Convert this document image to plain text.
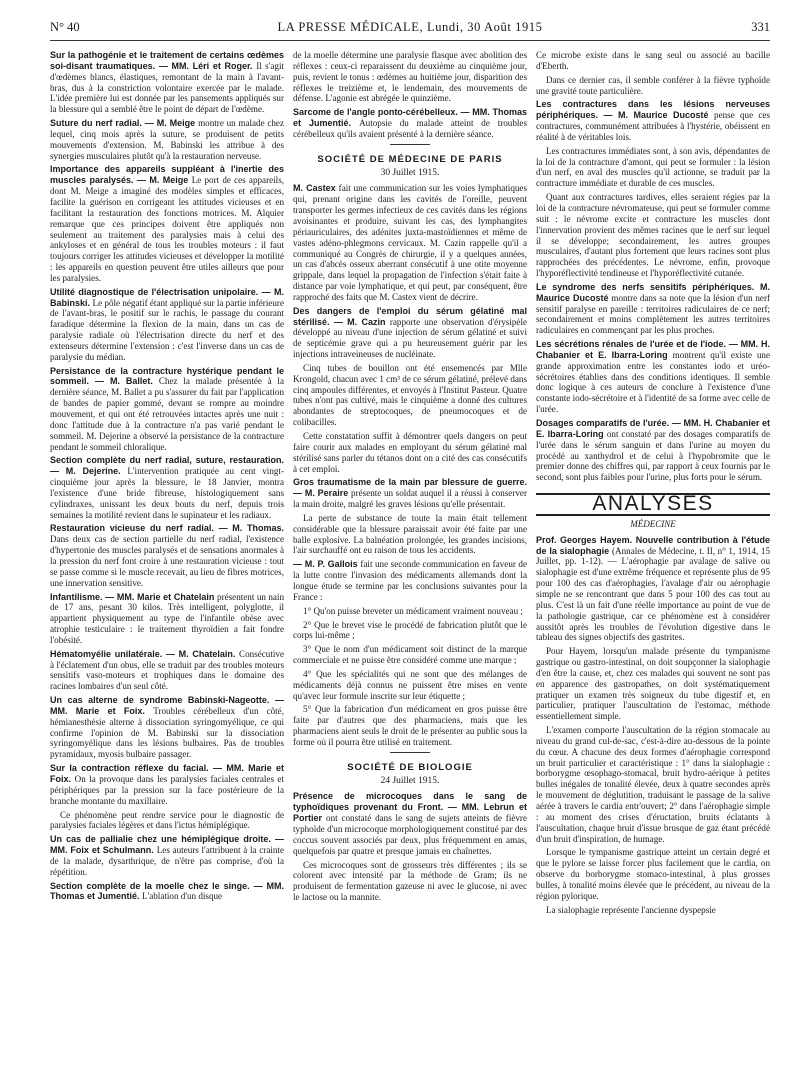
N° 40	LA PRESSE MÉDICALE, Lundi, 30 Août 1915	331

Sur la pathogénie et le traitement de certains œdèmes soi-disant traumatiques. — MM. Léri et Roger. Il s'agit d'œdèmes blancs, élastiques, remontant de la main à l'avant-bras, dus à la constriction volontaire exercée par le malade. L'idée première lui est donnée par les pansements appliqués sur la blessure qui a semblé être le point de départ de l'œdème.

Suture du nerf radial. — M. Meige montre un malade chez lequel, cinq mois après la suture, se produisent de petits mouvements d'extension. M. Babinski les attribue à des synergies musculaires plutôt qu'à la restauration nerveuse.

Importance des appareils suppléant à l'inertie des muscles paralysés. — M. Meige Le port de ces appareils, dont M. Meige a imaginé des modèles simples et efficaces, facilite la guérison en corrigeant les attitudes vicieuses et en facilitant la restauration des fonctions motrices. M. Alquier remarque que ces principes doivent être appliqués non seulement au traitement des paralysies mais à celui des ankyloses et en général de tous les troubles moteurs : il faut toujours corriger les attitudes vicieuses et développer la motilité : les appareils en question peuvent être utiles ailleurs que pour les paralysies.

Utilité diagnostique de l'électrisation unipolaire. — M. Babinski. Le pôle négatif étant appliqué sur la partie inférieure de l'avant-bras, le positif sur le rachis, le passage du courant faradique détermine la flexion de la main, dans un cas de paralysie radiale où l'électrisation directe du nerf et des extenseurs détermine l'extension : c'est l'inverse dans un cas de paralysie du médian.

Persistance de la contracture hystérique pendant le sommeil. — M. Ballet. Chez la malade présentée à la dernière séance, M. Ballet a pu s'assurer du fait par l'application de bandes de papier gommé, devant se rompre au moindre mouvement, et qui ont été retrouvées intactes après une nuit : donc l'attitude due à la contracture n'a pas varié pendant le sommeil. M. Dejerine a observé la persistance de la contracture pendant le sommeil chloralique.

Section complète du nerf radial, suture, restauration. — M. Dejerine. L'intervention pratiquée au cent vingt-cinquième jour après la blessure, le 18 Janvier, montra l'existence d'une bride fibreuse, histologiquement sans cylindraxes, unissant les deux bouts du nerf, depuis trois semaines la motilité revient dans le supinateur et les radiaux.

Restauration vicieuse du nerf radial. — M. Thomas. Dans deux cas de section partielle du nerf radial, l'existence d'hypertonie des muscles paralysés et de sensations anormales à la pression du nerf font croire à une restauration vicieuse : tout se passe comme si le muscle recevait, au lieu de fibres motrices, une innervation sensitive.

Infantilisme. — MM. Marie et Chatelain présentent un nain de 17 ans, pesant 30 kilos. Très intelligent, polyglotte, il appartient physiquement au type de l'infantile obèse avec atrophie testiculaire : le traitement thyroïdien a fait fondre l'obésité.

Hématomyélie unilatérale. — M. Chatelain. Consécutive à l'éclatement d'un obus, elle se traduit par des troubles moteurs sensitifs vaso-moteurs et trophiques dans le domaine des racines lombaires d'un seul côté.

Un cas alterne de syndrome Babinski-Nageotte. — MM. Marie et Foix. Troubles cérébelleux d'un côté, hémianesthésie alterne à dissociation syringomyélique, ce qui confirme l'opinion de M. Babinski sur la dissociation syringomyélique dans les lésions bulbaires. Pas de troubles pyramidaux, myosis bulbaire passager.

Sur la contraction réflexe du facial. — MM. Marie et Foix. On la provoque dans les paralysies faciales centrales et périphériques par la pression sur la face postérieure de la branche montante du maxillaire.

Ce phénomène peut rendre service pour le diagnostic de paralysies faciales légères et dans l'ictus hémiplégique.

Un cas de pallialie chez une hémiplégique droite. — MM. Foix et Schulmann. Les auteurs l'attribuent à la crainte de la malade, dysarthrique, de n'être pas comprise, d'où la répétition.

Section complète de la moelle chez le singe. — MM. Thomas et Jumentié. L'ablation d'un disque

de la moelle détermine une paralysie flasque avec abolition des réflexes : ceux-ci reparaissent du deuxième au cinquième jour, puis, revient le tonus : œdèmes au huitième jour, disparition des réflexes le treizième et, le lendemain, des mouvements de défense. L'agonie est abrégée le quinzième.

Sarcome de l'angle ponto-cérébelleux. — MM. Thomas et Jumentié. Autopsie du malade atteint de troubles cérébelleux qu'ils avaient présenté à la dernière séance.

SOCIÉTÉ DE MÉDECINE DE PARIS
30 Juillet 1915.

M. Castex fait une communication sur les voies lymphatiques qui, prenant origine dans les cavités de l'oreille, peuvent transporter les germes infectieux de ces cavités dans les régions avoisinantes et produire, suivant les cas, des lymphangites périauriculaires, des adénites juxta-mastoïdiennes et même de vastes adéno-phlegmons cervicaux. M. Cazin rappelle qu'il a communiqué au Congrès de chirurgie, il y a quelques années, un cas d'abcès osseux aberrant consécutif à une otite moyenne grippale, dans lequel la propagation de l'infection s'était faite à distance par voie lymphatique, et qui peut, par conséquent, être rapproché des faits que M. Castex vient de décrire.

Des dangers de l'emploi du sérum gélatiné mal stérilisé. — M. Cazin rapporte une observation d'érysipèle développé au niveau d'une injection de sérum gélatiné et suivi de septicémie grave qui a pu heureusement guérir par les injections intraveineuses de nucléinate.

Cinq tubes de bouillon ont été ensemencés par Mlle Krongold, chacun avec 1 cm³ de ce sérum gélatiné, prélevé dans cinq ampoules différentes, et envoyés à l'Institut Pasteur. Quatre tubes n'ont pas cultivé, mais le cinquième a donné des cultures abondantes de streptocoques, de pneumocoques et de colibacilles.

Cette constatation suffit à démontrer quels dangers on peut faire courir aux malades en employant du sérum gélatiné mal stérilisé sans parler du tétanos dont on a cité des cas consécutifs à cet emploi.

Gros traumatisme de la main par blessure de guerre. — M. Peraire présente un soldat auquel il a réussi à conserver la main droite, malgré les graves lésions qu'elle présentait.

La perte de substance de toute la main était tellement considérable que la blessure paraissait avoir été faite par une balle explosive. La balnéation prolongée, les grandes incisions, l'air surchauffé ont eu raison de tous les accidents.

— M. P. Gallois fait une seconde communication en faveur de la lutte contre l'invasion des médicaments allemands dont la longue étude se termine par les conclusions suivantes pour la France :

1° Qu'on puisse breveter un médicament vraiment nouveau ;

2° Que le brevet vise le procédé de fabrication plutôt que le corps lui-même ;

3° Que le nom d'un médicament soit distinct de la marque commerciale et ne puisse être considéré comme une marque ;

4° Que les spécialités qui ne sont que des mélanges de médicaments déjà connus ne puissent être mises en vente qu'avec leur formule inscrite sur leur étiquette ;

5° Que la fabrication d'un médicament en gros puisse être faite par d'autres que des pharmaciens, mais que les pharmaciens aient seuls le droit de le présenter au public sous la forme où il pourra être utilisé en traitement.

SOCIÉTÉ DE BIOLOGIE
24 Juillet 1915.

Présence de microcoques dans le sang de typhoïdiques provenant du Front. — MM. Lebrun et Portier ont constaté dans le sang de sujets atteints de fièvre typhoïde d'un microcoque morphologiquement constitué par des coccus souvent associés par deux, plus fréquemment en amas, quelquefois par quatre et presque jamais en chaînettes.

Ces microcoques sont de grosseurs très différentes ; ils se colorent avec intensité par la méthode de Gram; ils ne produisent de fermentation gazeuse ni avec le glucose, ni avec le lactose ou la mannite.

Ce microbe existe dans le sang seul ou associé au bacille d'Eberth.

Dans ce dernier cas, il semble conférer à la fièvre typhoïde une gravité toute particulière.

Les contractures dans les lésions nerveuses périphériques. — M. Maurice Ducosté pense que ces contractures, communément attribuées à l'hystérie, obéissent en réalité à de véritables lois.

Les contractures immédiates sont, à son avis, dépendantes de la loi de la contracture d'amont, qui peut se formuler : la lésion d'un nerf, en aval des muscles qu'il actionne, se traduit par la contracture immédiate et durable de ces muscles.

Quant aux contractures tardives, elles seraient régies par la loi de la contracture névromateuse, qui peut se formuler comme suit : le névrome excite et contracture les muscles dont l'innervation provient des mêmes racines que le nerf sur lequel il se développe; secondairement, les autres groupes musculaires, d'autant plus fortement que leurs racines sont plus rapprochées des précédentes. Le névrome, enfin, provoque l'hyporéflectivité tendineuse et l'hyporéflectivité cutanée.

Le syndrome des nerfs sensitifs périphériques. M. Maurice Ducosté montre dans sa note que la lésion d'un nerf sensitif paralyse en pareille : territoires radiculaires de ce nerf; secondairement et moins complètement les autres territoires radiculaires en commençant par les plus proches.

Les sécrétions rénales de l'urée et de l'iode. — MM. H. Chabanier et E. Ibarra-Loring montrent qu'il existe une grande approximation entre les constantes iodo et uréo-sécrétoires établies dans des conditions identiques. Il semble donc logique à ces auteurs de conclure à l'existence d'une constante iodo-sécrétoire et à l'identité de sa forme avec celle de l'urée.

Dosages comparatifs de l'urée. — MM. H. Chabanier et E. Ibarra-Loring ont constaté par des dosages comparatifs de l'urée dans le sérum sanguin et dans l'urine au moyen du procédé au xanthydrol et de celui à l'hypobromite que le premier donne des chiffres qui, par rapport à ceux fournis par le second, sont plus faibles pour l'urine, plus forts pour le sérum.

ANALYSES
MÉDECINE

Prof. Georges Hayem. Nouvelle contribution à l'étude de la sialophagie (Annales de Médecine, t. II, n° 1, 1914, 15 Juillet, pp. 1-12). — L'aérophagie par avalage de salive ou sialophagie est d'une extrême fréquence et représente plus de 95 pour 100 des cas d'aérophagies, l'avalage d'air ou aérophagie simple ne se rencontrant que dans 5 pour 100 des cas tout au plus. C'est là un fait d'une réelle importance au point de vue de la pathologie gastrique, car ce phénomène est à considérer aussitôt après les troubles de l'évolution digestive dans le tableau des signes objectifs des gastrites.

Pour Hayem, lorsqu'un malade présente du tympanisme gastrique ou gastro-intestinal, on doit soupçonner la sialophagie d'en être la cause, et, chez ces malades qui souvent ne sont pas en apparence des gastropathes, on doit systématiquement pratiquer un examen très soigneux du tube digestif et, en particulier, pratiquer l'auscultation de l'estomac, méthode essentiellement simple.

L'examen comporte l'auscultation de la région stomacale au niveau du grand cul-de-sac, c'est-à-dire au-dessous de la pointe du cœur. A chacune des deux formes d'aérophagie correspond un bruit particulier et caractéristique : 1° dans la sialophagie : borborygme œsophago-stomacal, bruit hydro-aérique à petites bulles inégales de tonalité élevée, deux à quatre secondes après le mouvement de déglutition, traduisant le passage de la salive aérée à travers le cardia entr'ouvert; 2° dans l'aérophagie simple : au moment des crises d'éructation, bruits éclatants à l'auscultation, chaque bruit d'issue brusque de gaz étant précédé d'un bruit d'inspiration, de humage.

Lorsque le tympanisme gastrique atteint un certain degré et que le pylore se laisse forcer plus facilement que le cardia, on observe du borborygme stomaco-intestinal, à plus grosses bulles, à tonalité moins élevée que le précédent, au niveau de la région pylorique.

La sialophagie représente l'ancienne dyspepsie
